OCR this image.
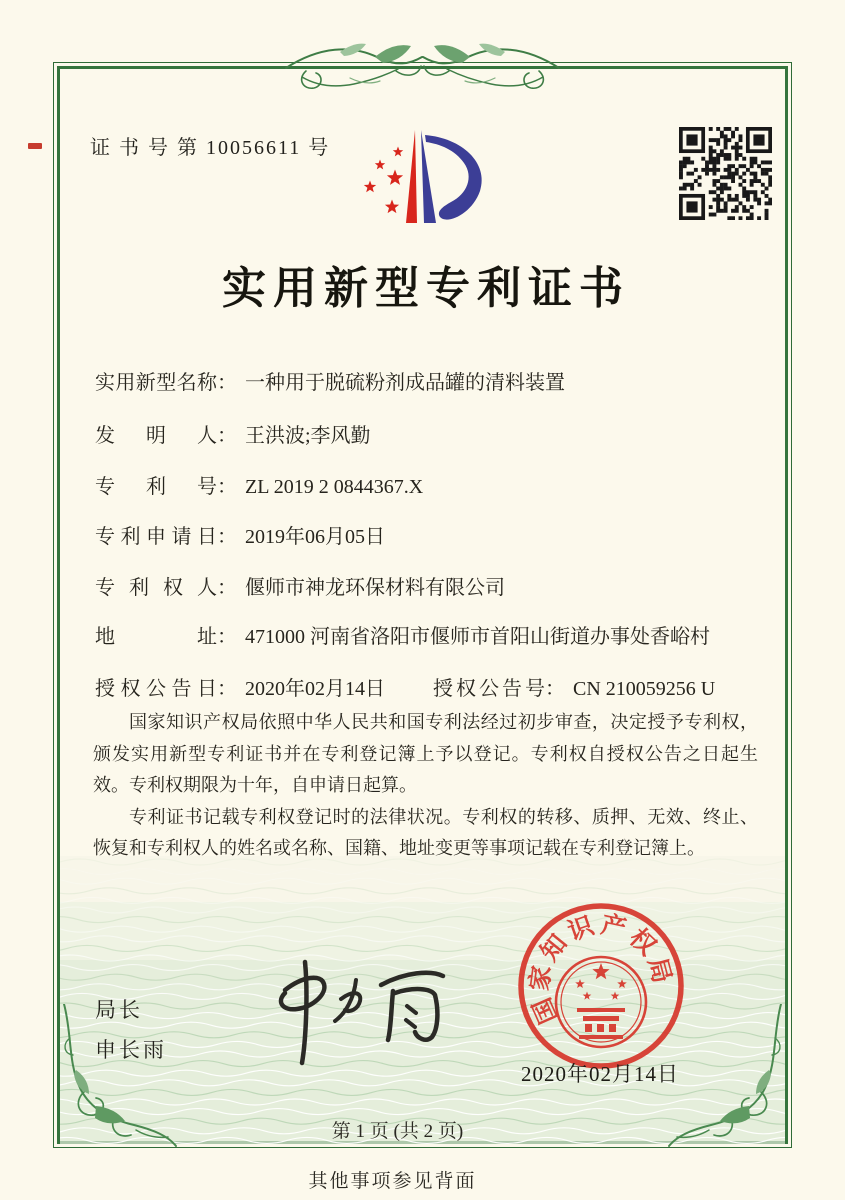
证 书 号 第 10056611 号
实用新型专利证书
实用新型名称： 一种用于脱硫粉剂成品罐的清料装置
发明人： 王洪波;李风勤
专利号： ZL 2019 2 0844367.X
专利申请日： 2019年06月05日
专利权人： 偃师市神龙环保材料有限公司
地址： 471000 河南省洛阳市偃师市首阳山街道办事处香峪村
授权公告日： 2020年02月14日 授权公告号： CN 210059256 U

国家知识产权局依照中华人民共和国专利法经过初步审查，决定授予专利权，颁发实用新型专利证书并在专利登记簿上予以登记。专利权自授权公告之日起生效。专利权期限为十年，自申请日起算。

专利证书记载专利权登记时的法律状况。专利权的转移、质押、无效、终止、恢复和专利权人的姓名或名称、国籍、地址变更等事项记载在专利登记簿上。

局长
申长雨
国
家
知
识 产
权
局
2020年02月14日
第 1 页 (共 2 页)
其他事项参见背面
